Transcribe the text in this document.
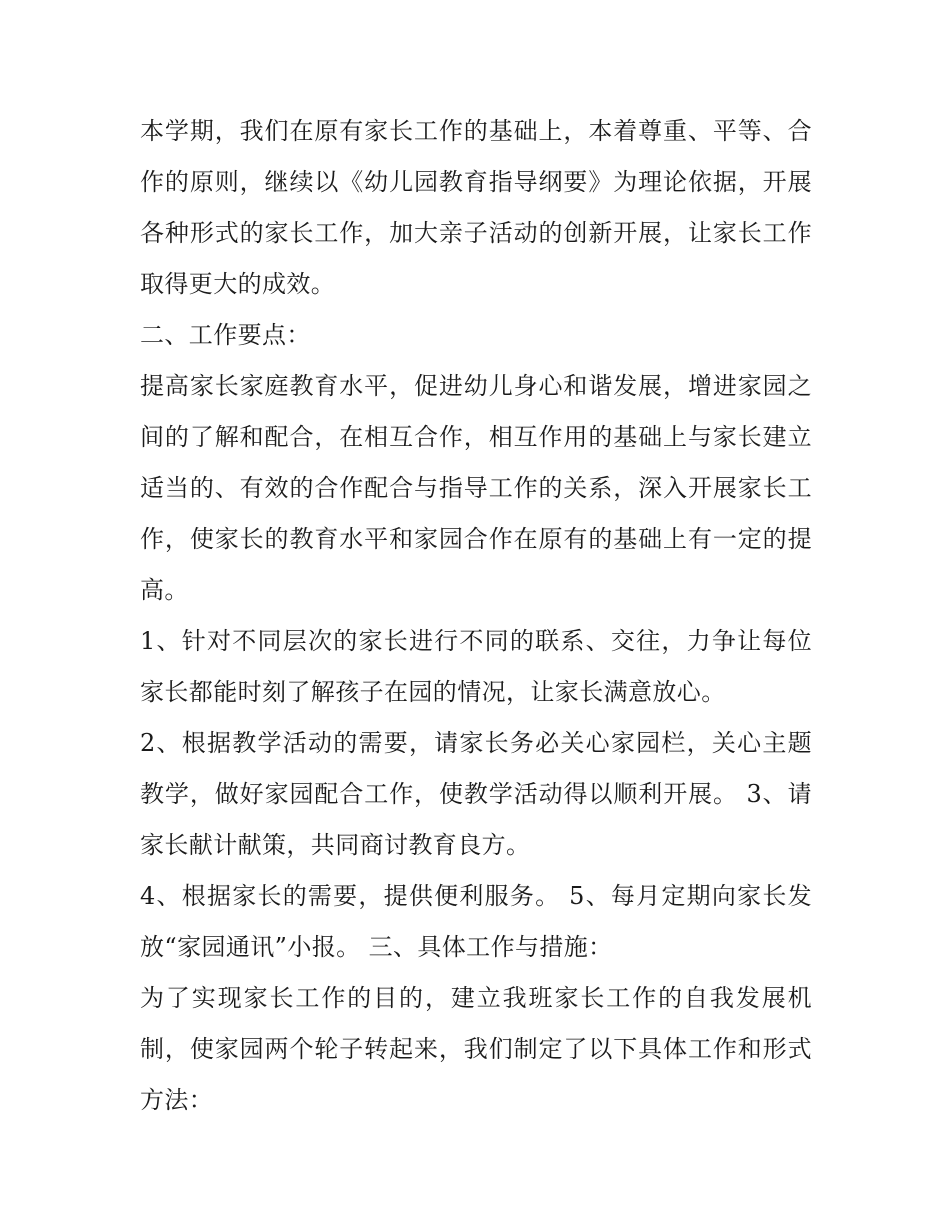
本学期，我们在原有家长工作的基础上，本着尊重、平等、合作的原则，继续以《幼儿园教育指导纲要》为理论依据，开展各种形式的家长工作，加大亲子活动的创新开展，让家长工作取得更大的成效。

二、工作要点：

提高家长家庭教育水平，促进幼儿身心和谐发展，增进家园之间的了解和配合，在相互合作，相互作用的基础上与家长建立适当的、有效的合作配合与指导工作的关系，深入开展家长工作，使家长的教育水平和家园合作在原有的基础上有一定的提高。

1、针对不同层次的家长进行不同的联系、交往，力争让每位家长都能时刻了解孩子在园的情况，让家长满意放心。

2、根据教学活动的需要，请家长务必关心家园栏，关心主题教学，做好家园配合工作，使教学活动得以顺利开展。 3、请家长献计献策，共同商讨教育良方。

4、根据家长的需要，提供便利服务。 5、每月定期向家长发放“家园通讯”小报。 三、具体工作与措施：

为了实现家长工作的目的，建立我班家长工作的自我发展机制，使家园两个轮子转起来，我们制定了以下具体工作和形式方法：
